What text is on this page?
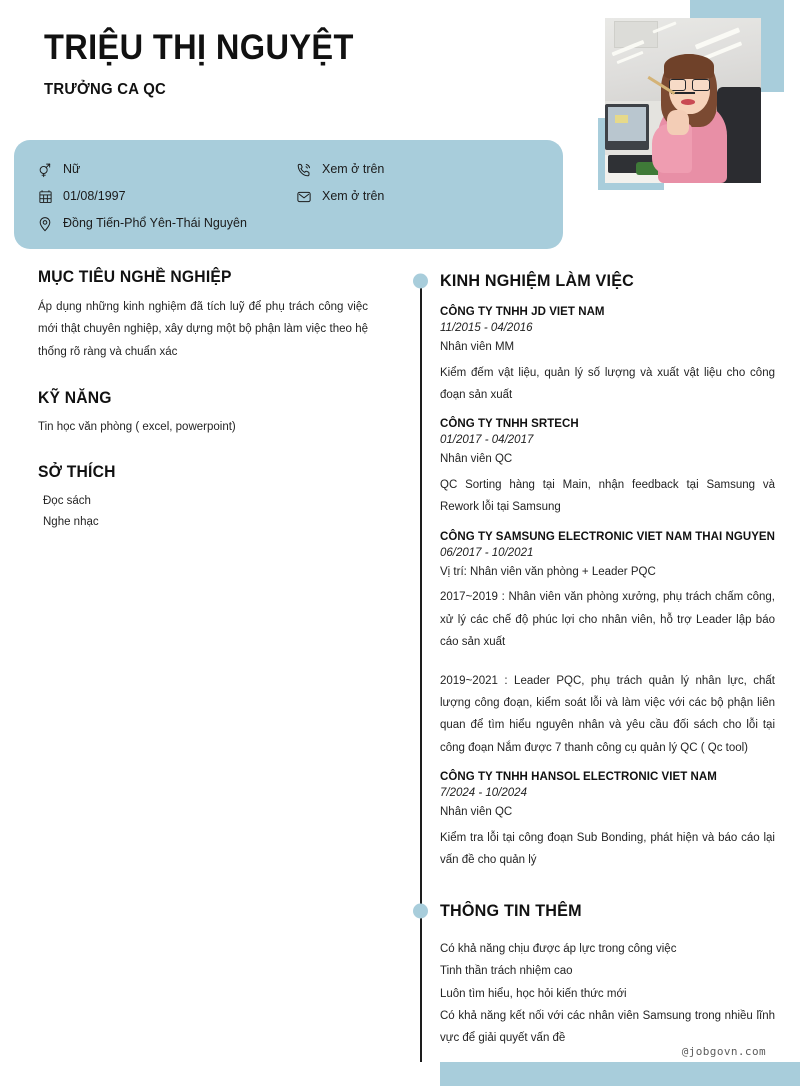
TRIỆU THỊ NGUYỆT
TRƯỞNG CA QC
Nữ
01/08/1997
Đồng Tiến-Phổ Yên-Thái Nguyên
Xem ở trên
Xem ở trên
MỤC TIÊU NGHỀ NGHIỆP
Áp dụng những kinh nghiệm đã tích luỹ để phụ trách công việc mới thật chuyên nghiệp, xây dựng một bộ phận làm việc theo hệ thống rõ ràng và chuẩn xác
KỸ NĂNG
Tin học văn phòng ( excel, powerpoint)
SỞ THÍCH
Đọc sách
Nghe nhạc
KINH NGHIỆM LÀM VIỆC
CÔNG TY TNHH JD VIET NAM
11/2015 - 04/2016
Nhân viên MM
Kiểm đếm vật liệu, quản lý số lượng và xuất vật liệu cho công đoạn sản xuất
CÔNG TY TNHH SRTECH
01/2017 - 04/2017
Nhân viên QC
QC Sorting hàng tại Main, nhận feedback tại Samsung và Rework lỗi tại Samsung
CÔNG TY SAMSUNG ELECTRONIC VIET NAM THAI NGUYEN
06/2017 - 10/2021
Vị trí: Nhân viên văn phòng + Leader PQC
2017~2019 : Nhân viên văn phòng xưởng, phụ trách chấm công, xử lý các chế độ phúc lợi cho nhân viên, hỗ trợ Leader lập báo cáo sản xuất
2019~2021 : Leader PQC, phụ trách quản lý nhân lực, chất lượng công đoạn, kiểm soát lỗi và làm việc với các bộ phận liên quan để tìm hiểu nguyên nhân và yêu cầu đối sách cho lỗi tại công đoạn Nắm được 7 thanh công cụ quản lý QC ( Qc tool)
CÔNG TY TNHH HANSOL ELECTRONIC VIET NAM
7/2024 - 10/2024
Nhân viên QC
Kiểm tra lỗi tại công đoạn Sub Bonding, phát hiện và báo cáo lại vấn đề cho quản lý
THÔNG TIN THÊM
Có khả năng chịu được áp lực trong công việc
Tinh thần trách nhiệm cao
Luôn tìm hiểu, học hỏi kiến thức mới
Có khả năng kết nối với các nhân viên Samsung trong nhiều lĩnh vực để giải quyết vấn đề
@jobgovn.com
